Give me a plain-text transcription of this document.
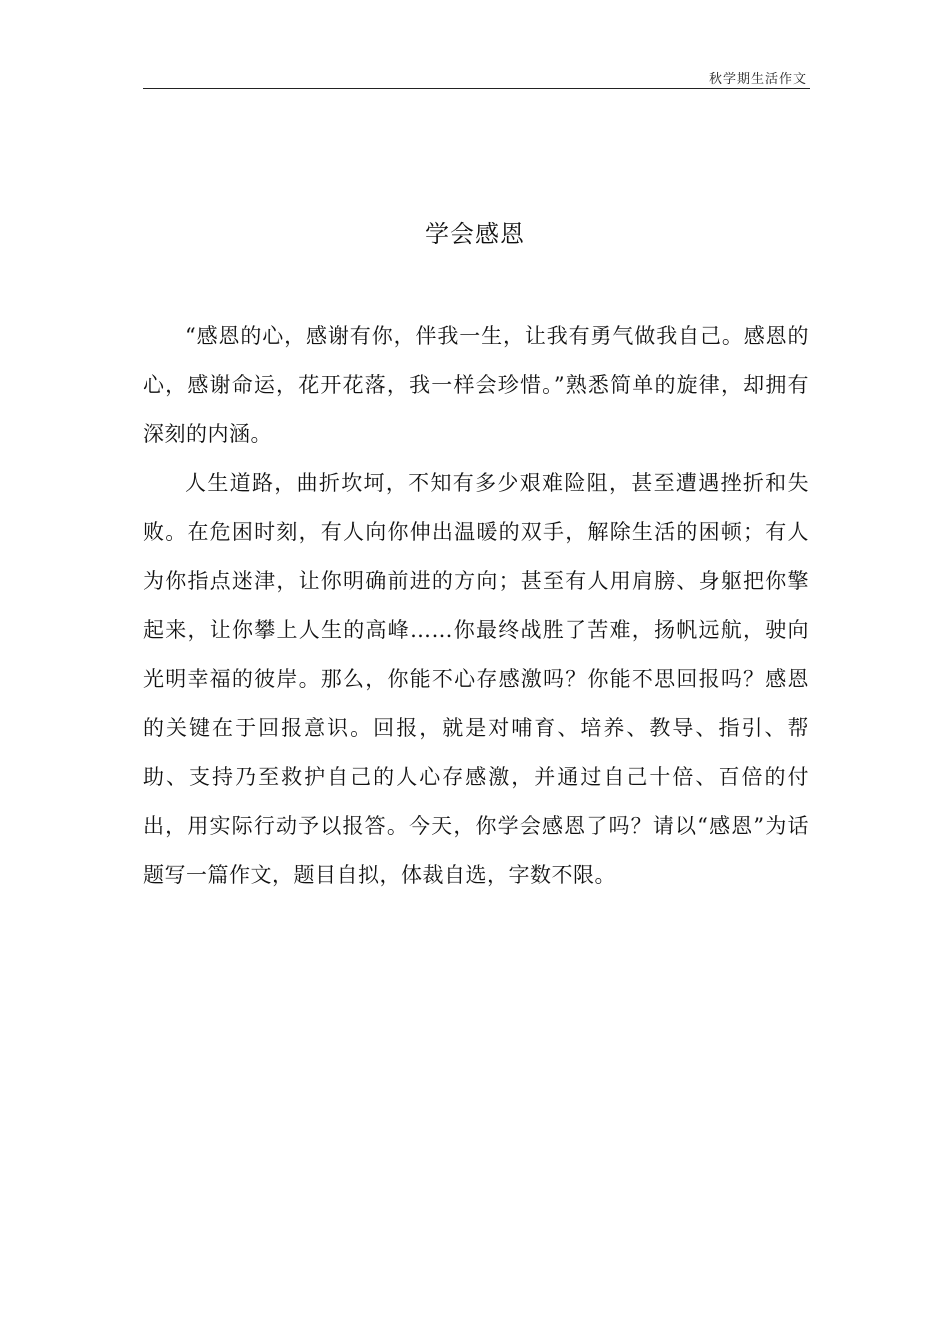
秋学期生活作文
学会感恩

“感恩的心，感谢有你，伴我一生，让我有勇气做我自己。感恩的心，感谢命运，花开花落，我一样会珍惜。”熟悉简单的旋律，却拥有深刻的内涵。

人生道路，曲折坎坷，不知有多少艰难险阻，甚至遭遇挫折和失败。在危困时刻，有人向你伸出温暖的双手，解除生活的困顿；有人为你指点迷津，让你明确前进的方向；甚至有人用肩膀、身躯把你擎起来，让你攀上人生的高峰……你最终战胜了苦难，扬帆远航，驶向光明幸福的彼岸。那么，你能不心存感激吗？你能不思回报吗？感恩的关键在于回报意识。回报，就是对哺育、培养、教导、指引、帮助、支持乃至救护自己的人心存感激，并通过自己十倍、百倍的付出，用实际行动予以报答。今天，你学会感恩了吗？请以“感恩”为话题写一篇作文，题目自拟，体裁自选，字数不限。
